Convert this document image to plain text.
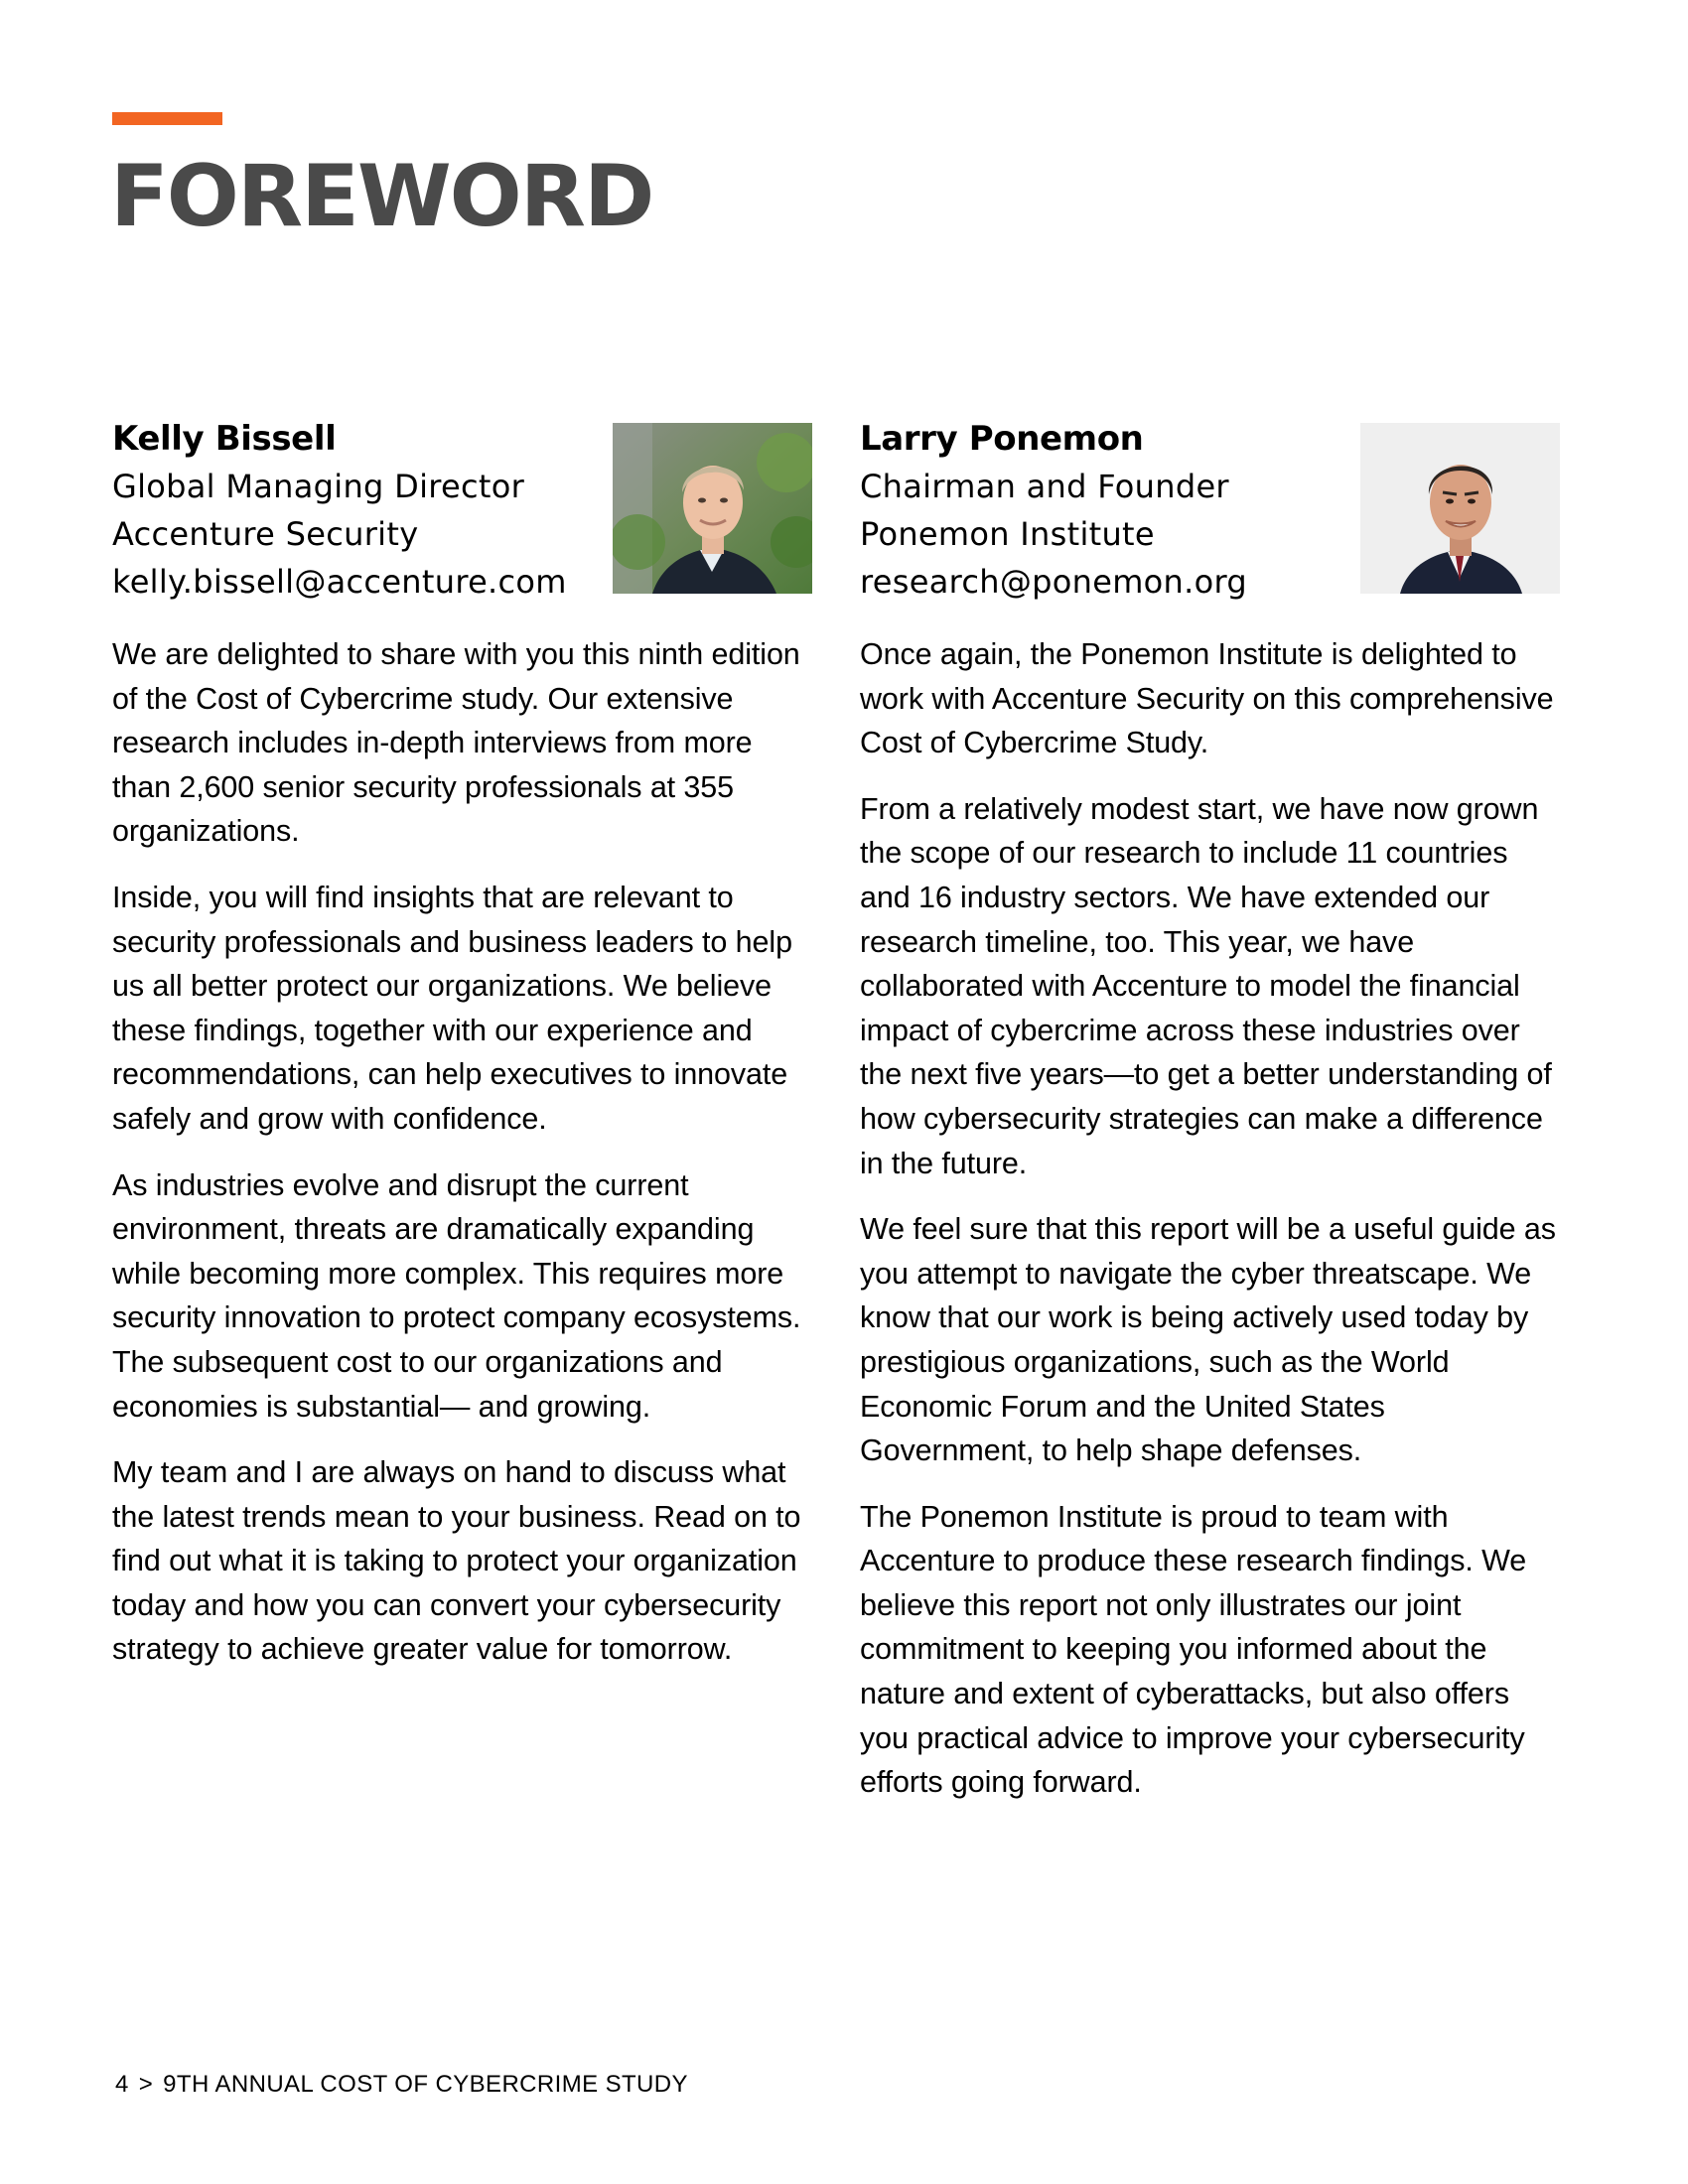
FOREWORD

Kelly Bissell

Global Managing Director

Accenture Security

kelly.bissell@accenture.com

We are delighted to share with you this ninth edition of the Cost of Cybercrime study. Our extensive research includes in-depth interviews from more than 2,600 senior security professionals at 355 organizations.

Inside, you will find insights that are relevant to security professionals and business leaders to help us all better protect our organizations. We believe these findings, together with our experience and recommendations, can help executives to innovate safely and grow with confidence.

As industries evolve and disrupt the current environment, threats are dramatically expanding while becoming more complex. This requires more security innovation to protect company ecosystems. The subsequent cost to our organizations and economies is substantial— and growing.

My team and I are always on hand to discuss what the latest trends mean to your business. Read on to find out what it is taking to protect your organization today and how you can convert your cybersecurity strategy to achieve greater value for tomorrow.

Larry Ponemon

Chairman and Founder

Ponemon Institute

research@ponemon.org

Once again, the Ponemon Institute is delighted to work with Accenture Security on this comprehensive Cost of Cybercrime Study.

From a relatively modest start, we have now grown the scope of our research to include 11 countries and 16 industry sectors. We have extended our research timeline, too. This year, we have collaborated with Accenture to model the financial impact of cybercrime across these industries over the next five years—to get a better understanding of how cybersecurity strategies can make a difference in the future.

We feel sure that this report will be a useful guide as you attempt to navigate the cyber threatscape. We know that our work is being actively used today by prestigious organizations, such as the World Economic Forum and the United States Government, to help shape defenses.

The Ponemon Institute is proud to team with Accenture to produce these research findings. We believe this report not only illustrates our joint commitment to keeping you informed about the nature and extent of cyberattacks, but also offers you practical advice to improve your cybersecurity efforts going forward.

4 > 9TH ANNUAL COST OF CYBERCRIME STUDY
